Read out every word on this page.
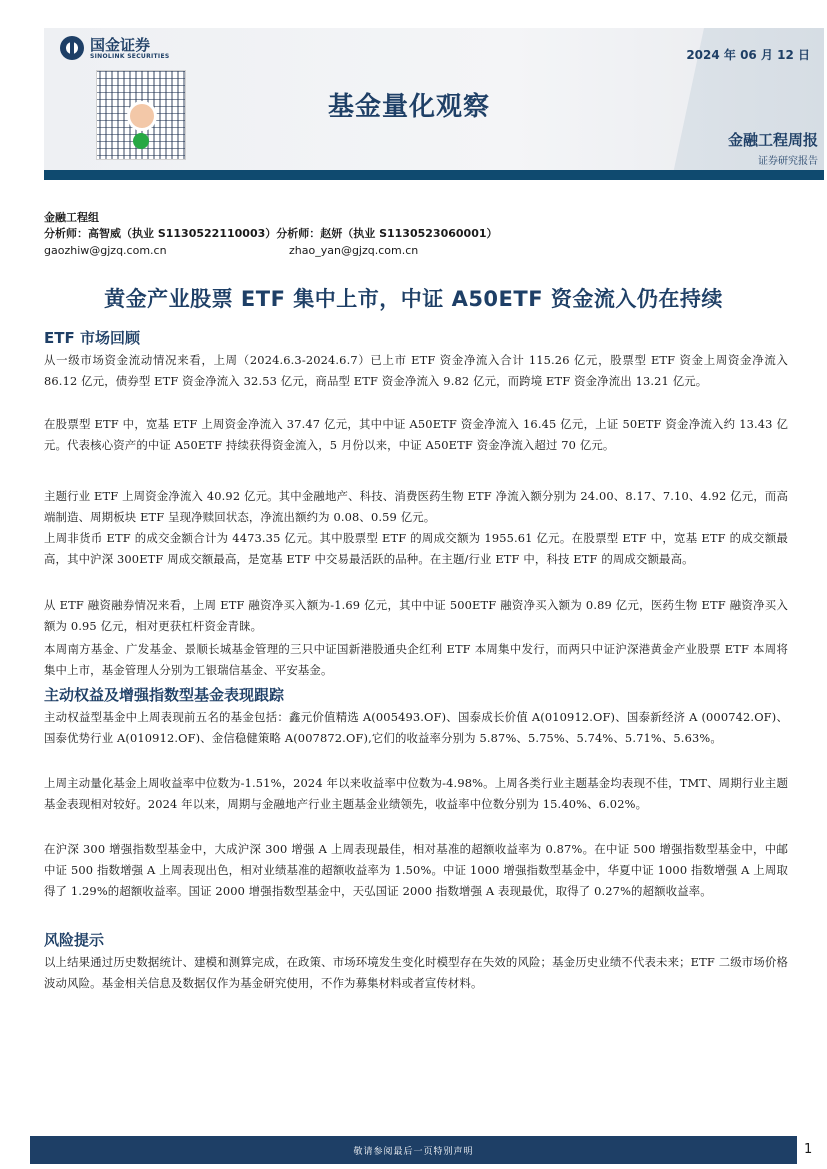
国金证券
SINOLINK SECURITIES	2024 年 06 月 12 日
基金量化观察
金融工程周报
证券研究报告
金融工程组
分析师：高智威（执业 S1130522110003）分析师：赵妍（执业 S1130523060001）
gaozhiw@gjzq.com.cn	zhao_yan@gjzq.com.cn
黄金产业股票 ETF 集中上市，中证 A50ETF 资金流入仍在持续
ETF 市场回顾
从一级市场资金流动情况来看，上周（2024.6.3-2024.6.7）已上市 ETF 资金净流入合计 115.26 亿元，股票型 ETF 资金上周资金净流入 86.12 亿元，债券型 ETF 资金净流入 32.53 亿元，商品型 ETF 资金净流入 9.82 亿元，而跨境 ETF 资金净流出 13.21 亿元。
在股票型 ETF 中，宽基 ETF 上周资金净流入 37.47 亿元，其中中证 A50ETF 资金净流入 16.45 亿元，上证 50ETF 资金净流入约 13.43 亿元。代表核心资产的中证 A50ETF 持续获得资金流入，5 月份以来，中证 A50ETF 资金净流入超过 70 亿元。
主题行业 ETF 上周资金净流入 40.92 亿元。其中金融地产、科技、消费医药生物 ETF 净流入额分别为 24.00、8.17、7.10、4.92 亿元，而高端制造、周期板块 ETF 呈现净赎回状态，净流出额约为 0.08、0.59 亿元。
上周非货币 ETF 的成交金额合计为 4473.35 亿元。其中股票型 ETF 的周成交额为 1955.61 亿元。在股票型 ETF 中，宽基 ETF 的成交额最高，其中沪深 300ETF 周成交额最高，是宽基 ETF 中交易最活跃的品种。在主题/行业 ETF 中，科技 ETF 的周成交额最高。
从 ETF 融资融券情况来看，上周 ETF 融资净买入额为-1.69 亿元，其中中证 500ETF 融资净买入额为 0.89 亿元，医药生物 ETF 融资净买入额为 0.95 亿元，相对更获杠杆资金青睐。
本周南方基金、广发基金、景顺长城基金管理的三只中证国新港股通央企红利 ETF 本周集中发行，而两只中证沪深港黄金产业股票 ETF 本周将集中上市，基金管理人分别为工银瑞信基金、平安基金。
主动权益及增强指数型基金表现跟踪
主动权益型基金中上周表现前五名的基金包括：鑫元价值精选 A(005493.OF)、国泰成长价值 A(010912.OF)、国泰新经济 A (000742.OF)、国泰优势行业 A(010912.OF)、金信稳健策略 A(007872.OF),它们的收益率分别为 5.87%、5.75%、5.74%、5.71%、5.63%。
上周主动量化基金上周收益率中位数为-1.51%，2024 年以来收益率中位数为-4.98%。上周各类行业主题基金均表现不佳，TMT、周期行业主题基金表现相对较好。2024 年以来，周期与金融地产行业主题基金业绩领先，收益率中位数分别为 15.40%、6.02%。
在沪深 300 增强指数型基金中，大成沪深 300 增强 A 上周表现最佳，相对基准的超额收益率为 0.87%。在中证 500 增强指数型基金中，中邮中证 500 指数增强 A 上周表现出色，相对业绩基准的超额收益率为 1.50%。中证 1000 增强指数型基金中，华夏中证 1000 指数增强 A 上周取得了 1.29%的超额收益率。国证 2000 增强指数型基金中，天弘国证 2000 指数增强 A 表现最优，取得了 0.27%的超额收益率。
风险提示
以上结果通过历史数据统计、建模和测算完成，在政策、市场环境发生变化时模型存在失效的风险；基金历史业绩不代表未来；ETF 二级市场价格波动风险。基金相关信息及数据仅作为基金研究使用，不作为募集材料或者宣传材料。
敬请参阅最后一页特别声明	1
